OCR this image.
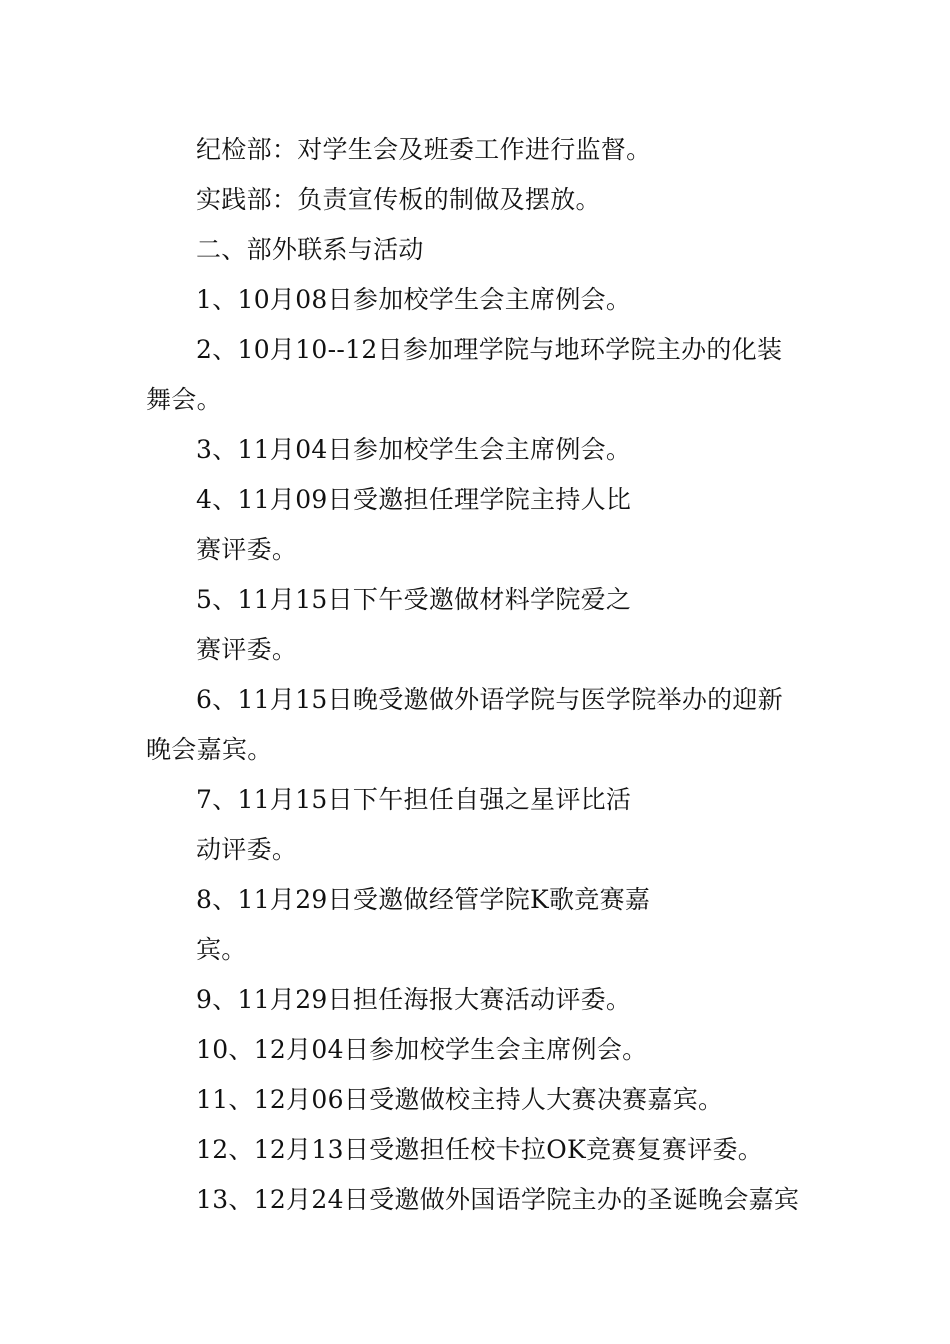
纪检部：对学生会及班委工作进行监督。
实践部：负责宣传板的制做及摆放。
二、部外联系与活动
1、10月08日参加校学生会主席例会。
2、10月10--12日参加理学院与地环学院主办的化装
舞会。
3、11月04日参加校学生会主席例会。
4、11月09日受邀担任理学院主持人比
赛评委。
5、11月15日下午受邀做材料学院爱之
赛评委。
6、11月15日晚受邀做外语学院与医学院举办的迎新
晚会嘉宾。
7、11月15日下午担任自强之星评比活
动评委。
8、11月29日受邀做经管学院K歌竞赛嘉
宾。
9、11月29日担任海报大赛活动评委。
10、12月04日参加校学生会主席例会。
11、12月06日受邀做校主持人大赛决赛嘉宾。
12、12月13日受邀担任校卡拉OK竞赛复赛评委。
13、12月24日受邀做外国语学院主办的圣诞晚会嘉宾
